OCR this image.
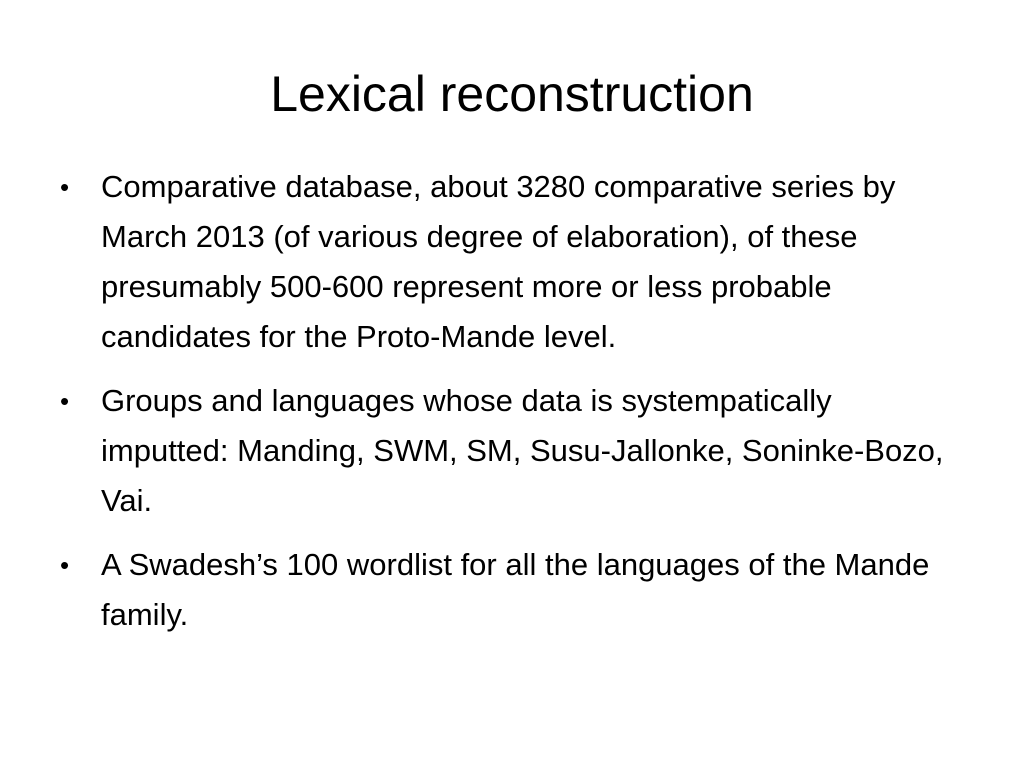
Lexical reconstruction
•	Comparative database, about 3280 comparative series by March 2013 (of various degree of elaboration), of these presumably 500-600 represent more or less probable candidates for the Proto-Mande level.
•	Groups and languages whose data is systempatically imputted: Manding, SWM, SM, Susu-Jallonke, Soninke-Bozo, Vai.
•	A Swadesh’s 100 wordlist for all the languages of the Mande family.
